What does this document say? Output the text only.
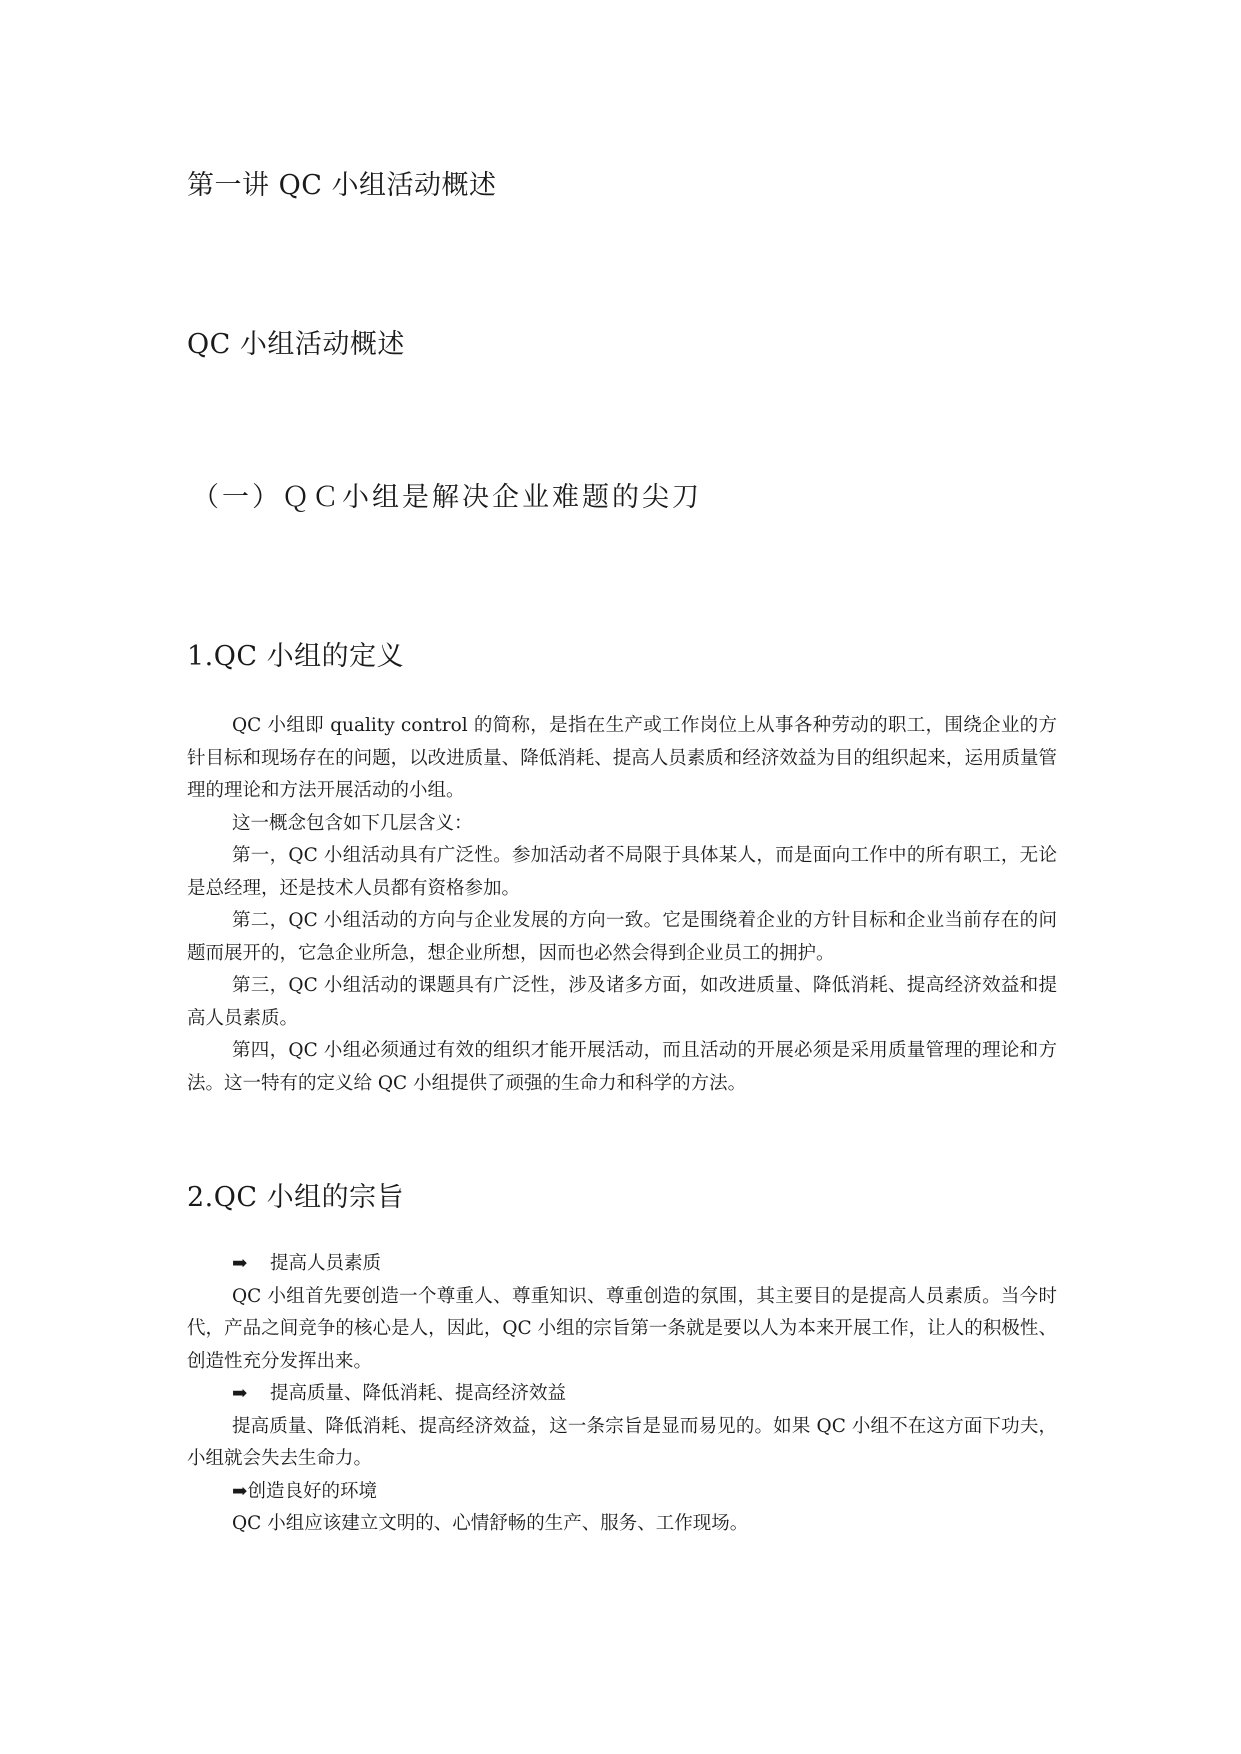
第一讲 QC 小组活动概述
QC 小组活动概述
（一）ＱＣ小组是解决企业难题的尖刀
1.QC 小组的定义

QC 小组即 quality control 的简称，是指在生产或工作岗位上从事各种劳动的职工，围绕企业的方针目标和现场存在的问题，以改进质量、降低消耗、提高人员素质和经济效益为目的组织起来，运用质量管理的理论和方法开展活动的小组。

这一概念包含如下几层含义：

第一，QC 小组活动具有广泛性。参加活动者不局限于具体某人，而是面向工作中的所有职工，无论是总经理，还是技术人员都有资格参加。

第二，QC 小组活动的方向与企业发展的方向一致。它是围绕着企业的方针目标和企业当前存在的问题而展开的，它急企业所急，想企业所想，因而也必然会得到企业员工的拥护。

第三，QC 小组活动的课题具有广泛性，涉及诸多方面，如改进质量、降低消耗、提高经济效益和提高人员素质。

第四，QC 小组必须通过有效的组织才能开展活动，而且活动的开展必须是采用质量管理的理论和方法。这一特有的定义给 QC 小组提供了顽强的生命力和科学的方法。

2.QC 小组的宗旨

➡ 提高人员素质

QC 小组首先要创造一个尊重人、尊重知识、尊重创造的氛围，其主要目的是提高人员素质。当今时代，产品之间竞争的核心是人，因此，QC 小组的宗旨第一条就是要以人为本来开展工作，让人的积极性、创造性充分发挥出来。

➡ 提高质量、降低消耗、提高经济效益

提高质量、降低消耗、提高经济效益，这一条宗旨是显而易见的。如果 QC 小组不在这方面下功夫，小组就会失去生命力。

➡创造良好的环境

QC 小组应该建立文明的、心情舒畅的生产、服务、工作现场。
